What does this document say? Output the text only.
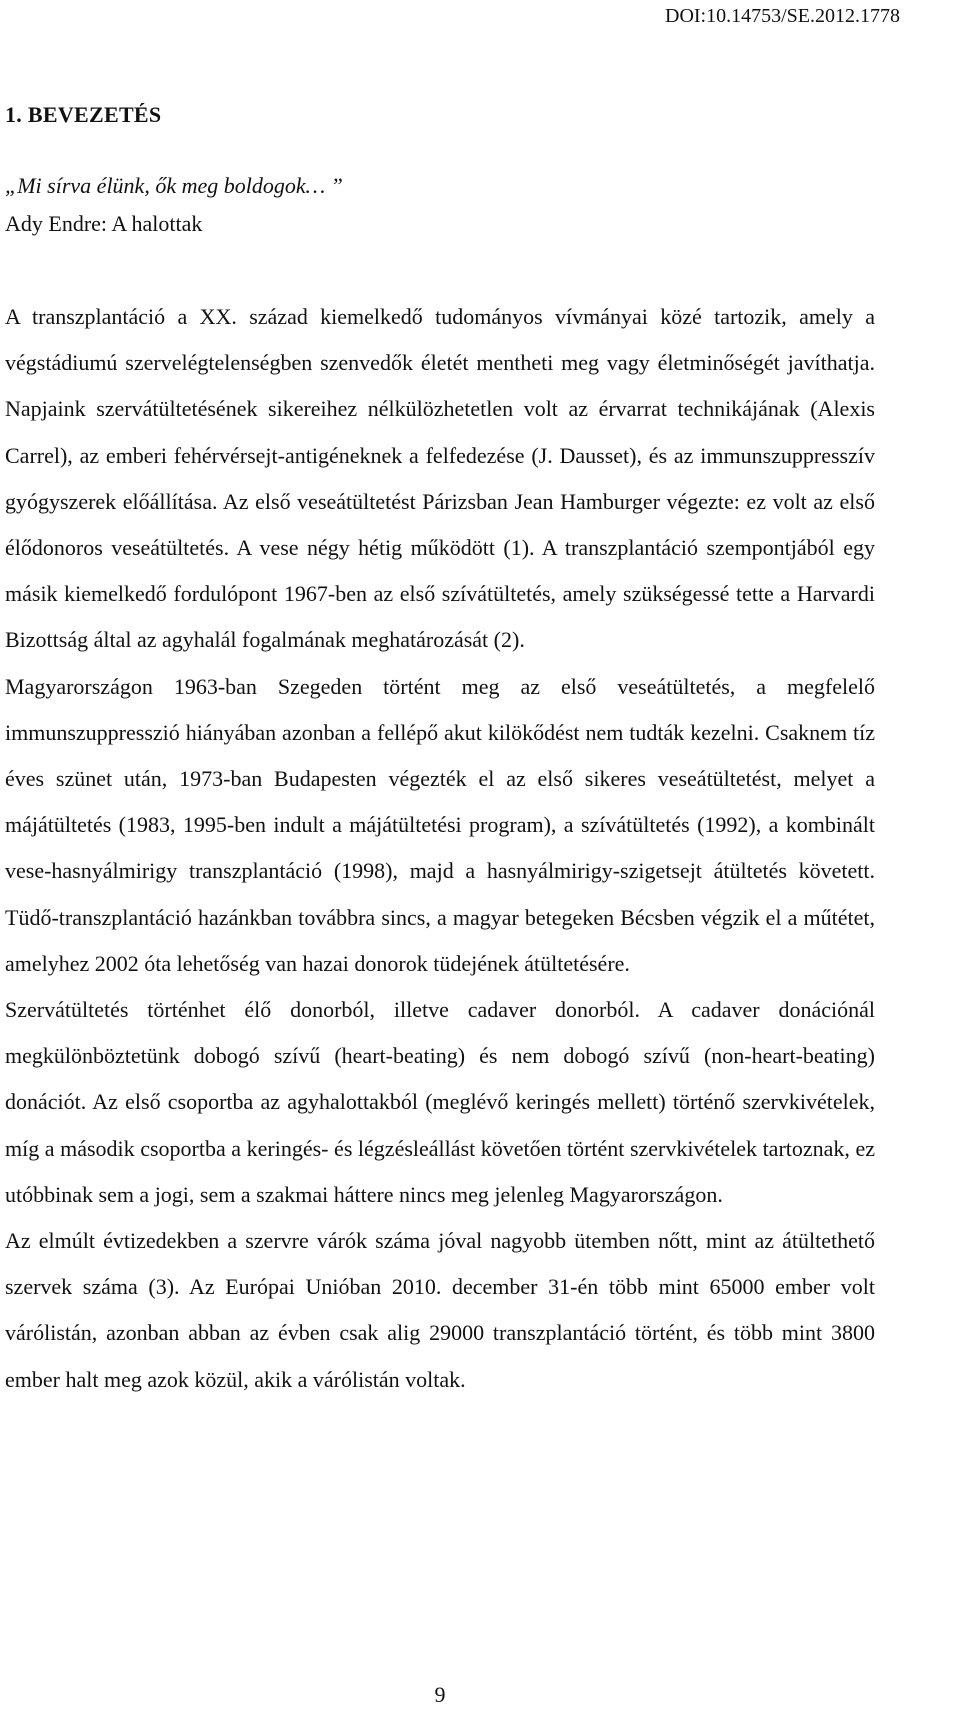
DOI:10.14753/SE.2012.1778
1. BEVEZETÉS
„Mi sírva élünk, ők meg boldogok… ”
Ady Endre: A halottak

A transzplantáció a XX. század kiemelkedő tudományos vívmányai közé tartozik, amely a végstádiumú szervelégtelenségben szenvedők életét mentheti meg vagy életminőségét javíthatja. Napjaink szervátültetésének sikereihez nélkülözhetetlen volt az érvarrat technikájának (Alexis Carrel), az emberi fehérvérsejt-antigéneknek a felfedezése (J. Dausset), és az immunszuppresszív gyógyszerek előállítása. Az első veseátültetést Párizsban Jean Hamburger végezte: ez volt az első élődonoros veseátültetés. A vese négy hétig működött (1). A transzplantáció szempontjából egy másik kiemelkedő fordulópont 1967-ben az első szívátültetés, amely szükségessé tette a Harvardi Bizottság által az agyhalál fogalmának meghatározását (2).

Magyarországon 1963-ban Szegeden történt meg az első veseátültetés, a megfelelő immunszuppresszió hiányában azonban a fellépő akut kilökődést nem tudták kezelni. Csaknem tíz éves szünet után, 1973-ban Budapesten végezték el az első sikeres veseátültetést, melyet a májátültetés (1983, 1995-ben indult a májátültetési program), a szívátültetés (1992), a kombinált vese-hasnyálmirigy transzplantáció (1998), majd a hasnyálmirigy-szigetsejt átültetés követett. Tüdő-transzplantáció hazánkban továbbra sincs, a magyar betegeken Bécsben végzik el a műtétet, amelyhez 2002 óta lehetőség van hazai donorok tüdejének átültetésére.

Szervátültetés történhet élő donorból, illetve cadaver donorból. A cadaver donációnál megkülönböztetünk dobogó szívű (heart-beating) és nem dobogó szívű (non-heart-beating) donációt. Az első csoportba az agyhalottakból (meglévő keringés mellett) történő szervkivételek, míg a második csoportba a keringés- és légzésleállást követően történt szervkivételek tartoznak, ez utóbbinak sem a jogi, sem a szakmai háttere nincs meg jelenleg Magyarországon.

Az elmúlt évtizedekben a szervre várók száma jóval nagyobb ütemben nőtt, mint az átültethető szervek száma (3). Az Európai Unióban 2010. december 31-én több mint 65000 ember volt várólistán, azonban abban az évben csak alig 29000 transzplantáció történt, és több mint 3800 ember halt meg azok közül, akik a várólistán voltak.

9
